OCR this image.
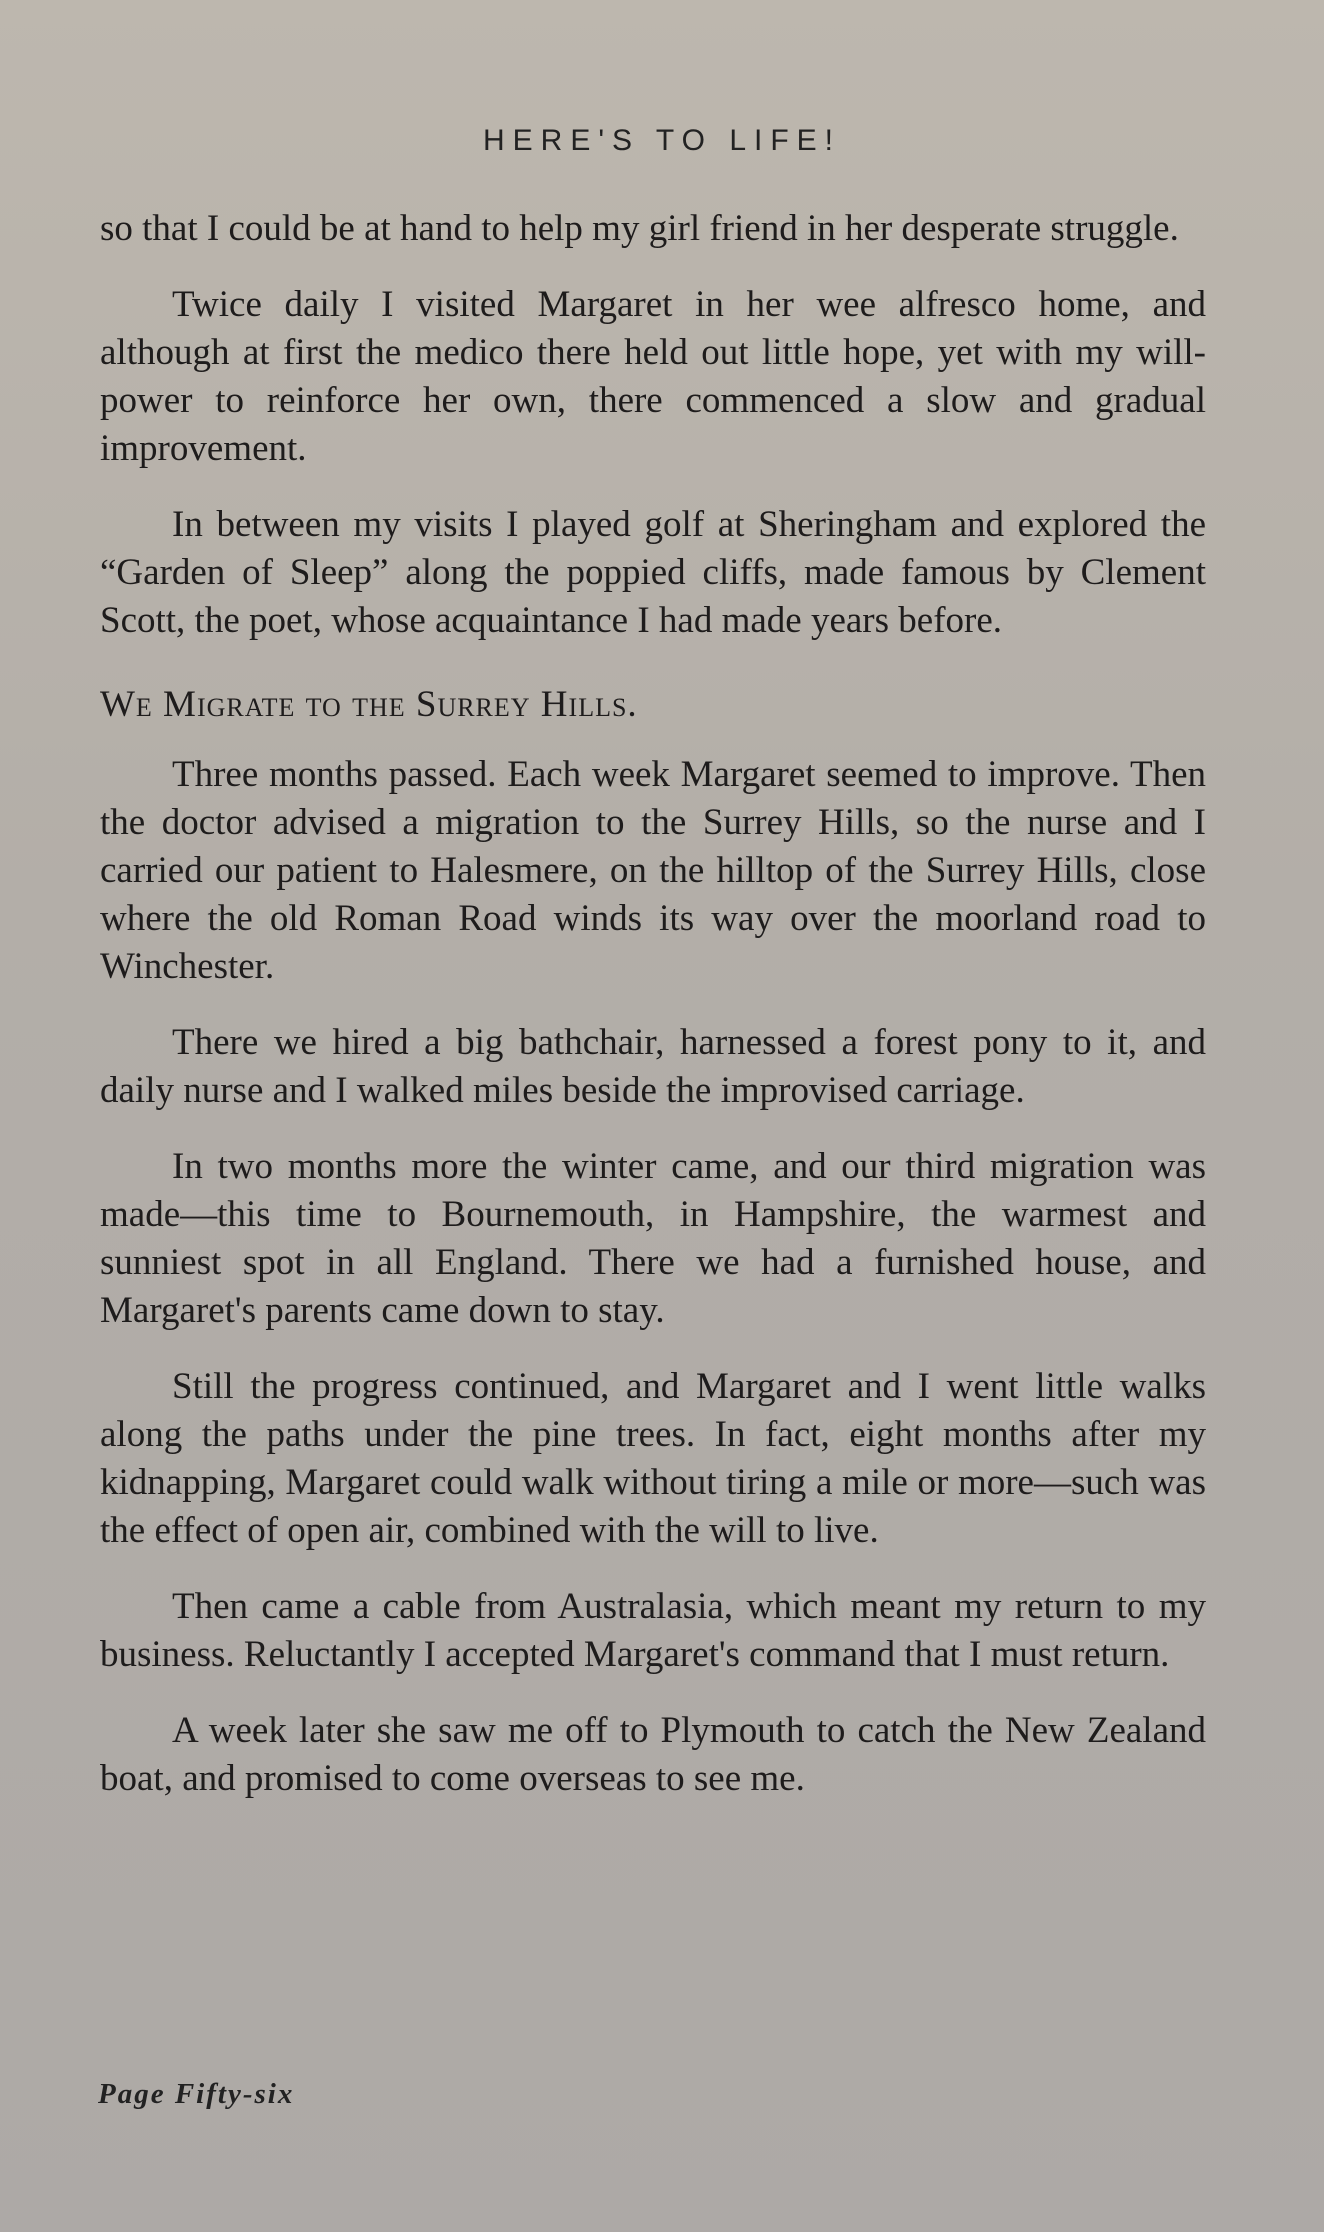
HERE'S TO LIFE!

so that I could be at hand to help my girl friend in her desperate struggle.

Twice daily I visited Margaret in her wee alfresco home, and although at first the medico there held out little hope, yet with my will-power to reinforce her own, there commenced a slow and gradual improvement.

In between my visits I played golf at Sheringham and explored the “Garden of Sleep” along the poppied cliffs, made famous by Clement Scott, the poet, whose acquaintance I had made years before.

We Migrate to the Surrey Hills.

Three months passed. Each week Margaret seemed to improve. Then the doctor advised a migration to the Surrey Hills, so the nurse and I carried our patient to Halesmere, on the hilltop of the Surrey Hills, close where the old Roman Road winds its way over the moorland road to Winchester.

There we hired a big bathchair, harnessed a forest pony to it, and daily nurse and I walked miles beside the improvised carriage.

In two months more the winter came, and our third migration was made—this time to Bournemouth, in Hampshire, the warmest and sunniest spot in all England. There we had a furnished house, and Margaret's parents came down to stay.

Still the progress continued, and Margaret and I went little walks along the paths under the pine trees. In fact, eight months after my kidnapping, Margaret could walk without tiring a mile or more—such was the effect of open air, combined with the will to live.

Then came a cable from Australasia, which meant my return to my business. Reluctantly I accepted Margaret's command that I must return.

A week later she saw me off to Plymouth to catch the New Zealand boat, and promised to come overseas to see me.

Page Fifty-six
